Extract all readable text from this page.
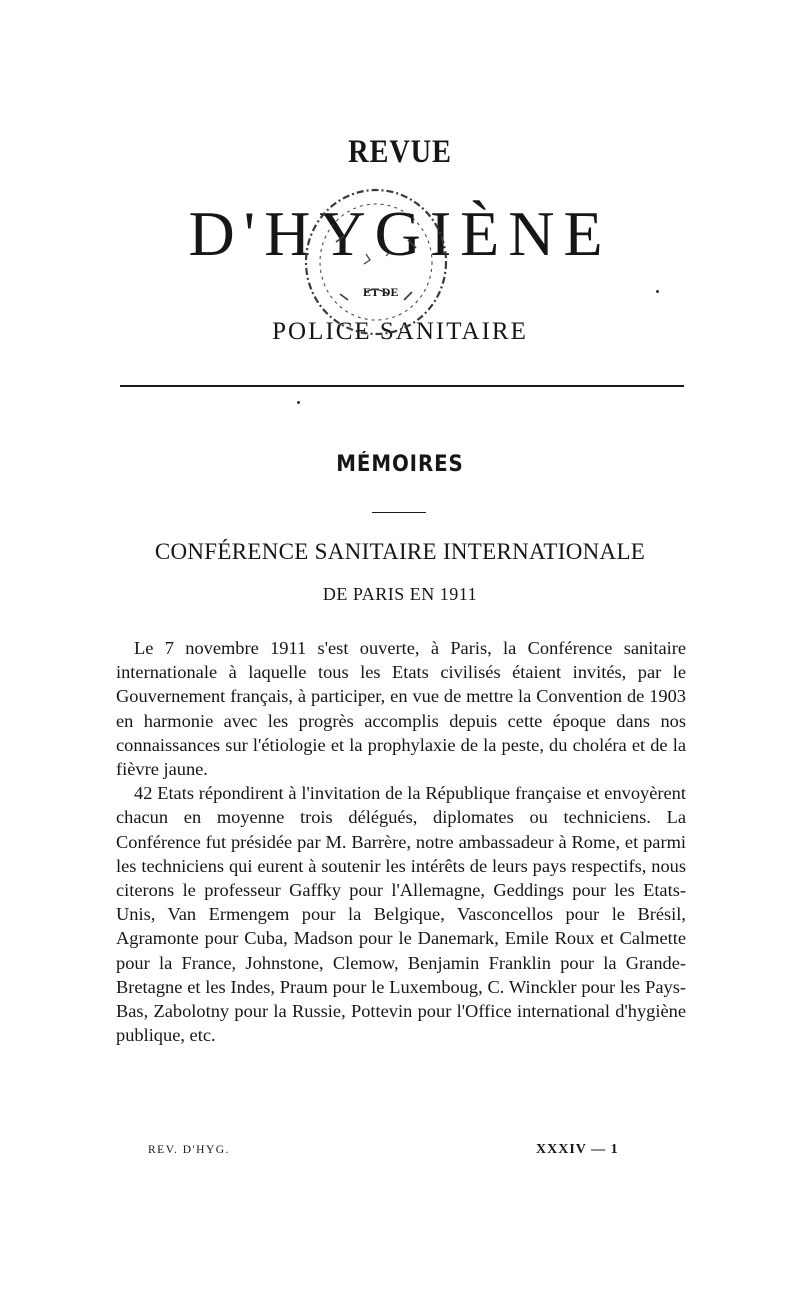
REVUE
D'HYGIÈNE
ET DE
POLICE SANITAIRE
MÉMOIRES
CONFÉRENCE SANITAIRE INTERNATIONALE
DE PARIS EN 1911

Le 7 novembre 1911 s'est ouverte, à Paris, la Conférence sanitaire internationale à laquelle tous les Etats civilisés étaient invités, par le Gouvernement français, à participer, en vue de mettre la Convention de 1903 en harmonie avec les progrès accomplis depuis cette époque dans nos connaissances sur l'étiologie et la prophylaxie de la peste, du choléra et de la fièvre jaune.

42 Etats répondirent à l'invitation de la République française et envoyèrent chacun en moyenne trois délégués, diplomates ou techniciens. La Conférence fut présidée par M. Barrère, notre ambassadeur à Rome, et parmi les techniciens qui eurent à soutenir les intérêts de leurs pays respectifs, nous citerons le professeur Gaffky pour l'Allemagne, Geddings pour les Etats-Unis, Van Ermengem pour la Belgique, Vasconcellos pour le Brésil, Agramonte pour Cuba, Madson pour le Danemark, Emile Roux et Calmette pour la France, Johnstone, Clemow, Benjamin Franklin pour la Grande-Bretagne et les Indes, Praum pour le Luxemboug, C. Winckler pour les Pays-Bas, Zabolotny pour la Russie, Pottevin pour l'Office international d'hygiène publique, etc.

REV. D'HYG.	XXXIV — 1
